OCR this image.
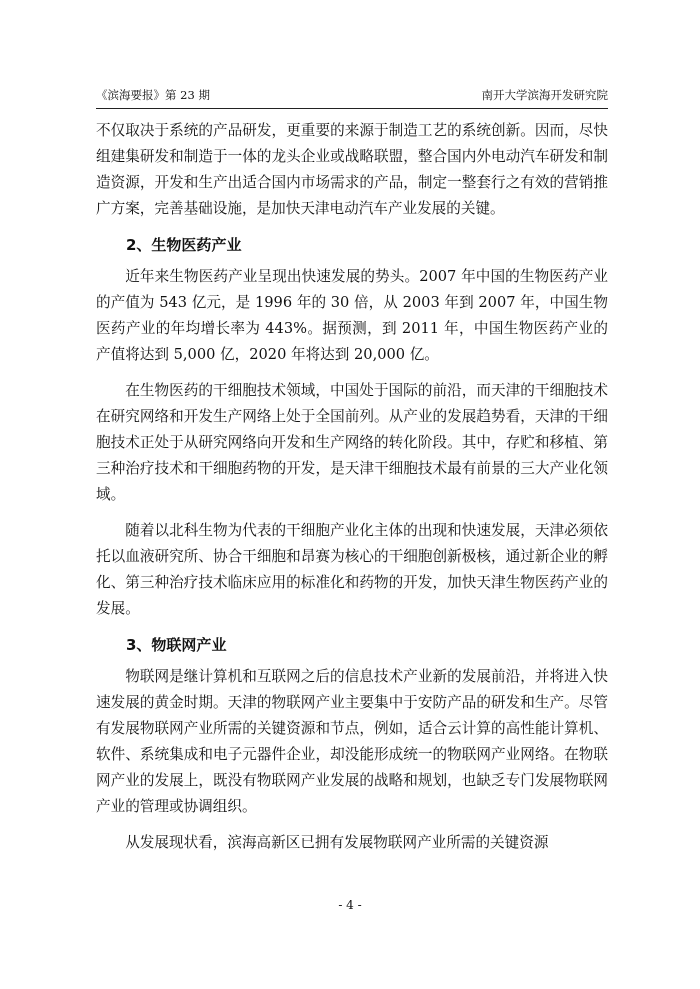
《滨海要报》第 23 期	南开大学滨海开发研究院

不仅取决于系统的产品研发，更重要的来源于制造工艺的系统创新。因而，尽快组建集研发和制造于一体的龙头企业或战略联盟，整合国内外电动汽车研发和制造资源，开发和生产出适合国内市场需求的产品，制定一整套行之有效的营销推广方案，完善基础设施，是加快天津电动汽车产业发展的关键。

2、生物医药产业

近年来生物医药产业呈现出快速发展的势头。2007 年中国的生物医药产业的产值为 543 亿元，是 1996 年的 30 倍，从 2003 年到 2007 年，中国生物医药产业的年均增长率为 443%。据预测，到 2011 年，中国生物医药产业的产值将达到 5,000 亿，2020 年将达到 20,000 亿。

在生物医药的干细胞技术领域，中国处于国际的前沿，而天津的干细胞技术在研究网络和开发生产网络上处于全国前列。从产业的发展趋势看，天津的干细胞技术正处于从研究网络向开发和生产网络的转化阶段。其中，存贮和移植、第三种治疗技术和干细胞药物的开发，是天津干细胞技术最有前景的三大产业化领域。

随着以北科生物为代表的干细胞产业化主体的出现和快速发展，天津必须依托以血液研究所、协合干细胞和昂赛为核心的干细胞创新极核，通过新企业的孵化、第三种治疗技术临床应用的标准化和药物的开发，加快天津生物医药产业的发展。

3、物联网产业

物联网是继计算机和互联网之后的信息技术产业新的发展前沿，并将进入快速发展的黄金时期。天津的物联网产业主要集中于安防产品的研发和生产。尽管有发展物联网产业所需的关键资源和节点，例如，适合云计算的高性能计算机、软件、系统集成和电子元器件企业，却没能形成统一的物联网产业网络。在物联网产业的发展上，既没有物联网产业发展的战略和规划，也缺乏专门发展物联网产业的管理或协调组织。

从发展现状看，滨海高新区已拥有发展物联网产业所需的关键资源

- 4 -
